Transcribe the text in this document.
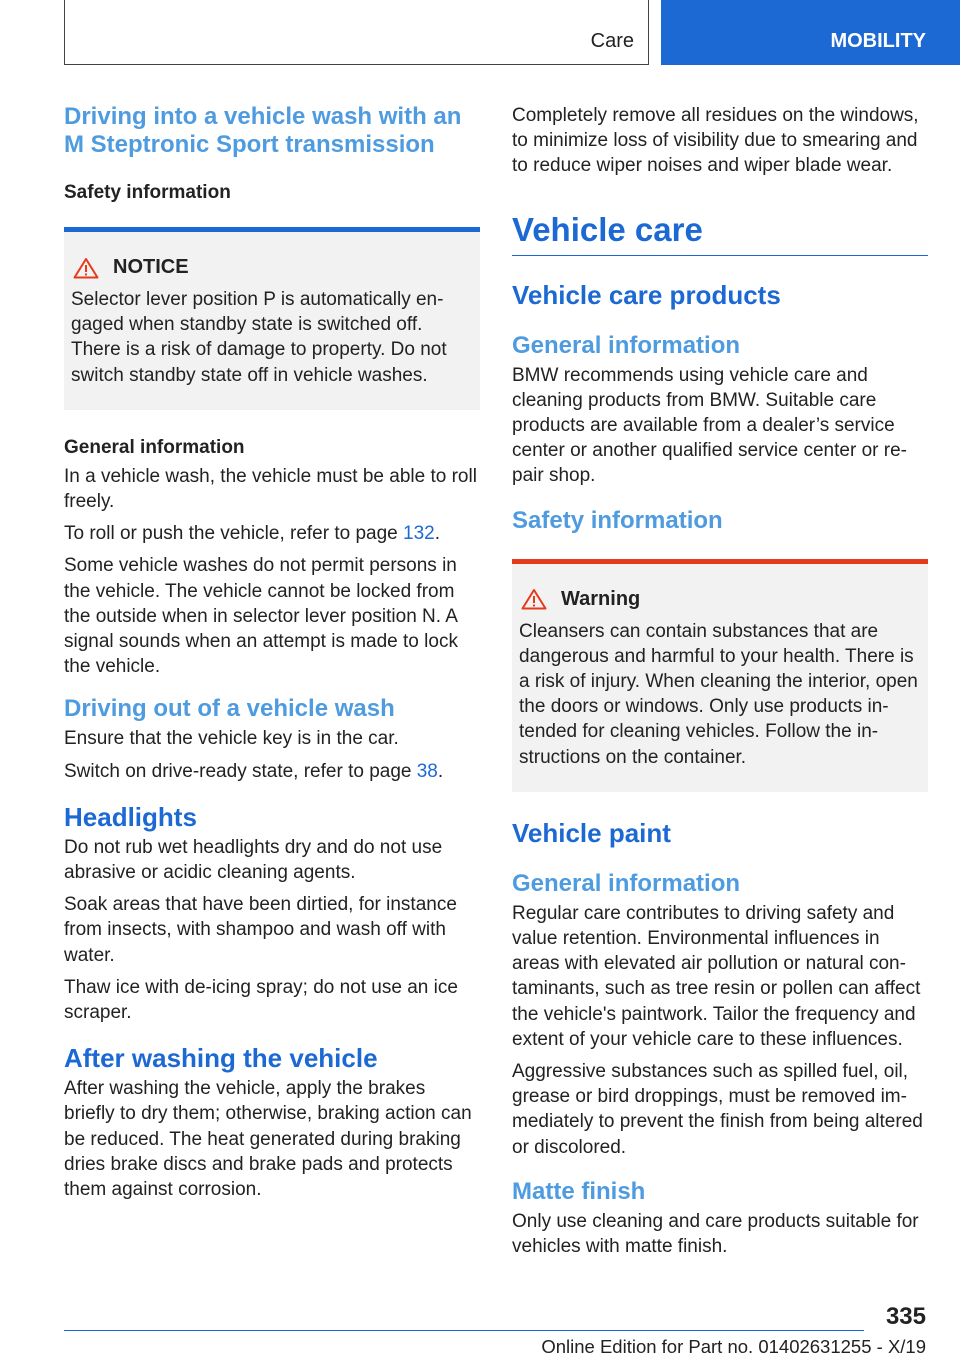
Care	MOBILITY
Driving into a vehicle wash with an M Steptronic Sport transmission
Safety information
NOTICE

Selector lever position P is automatically engaged when standby state is switched off. There is a risk of damage to property. Do not switch standby state off in vehicle washes.

General information

In a vehicle wash, the vehicle must be able to roll freely.

To roll or push the vehicle, refer to page 132.

Some vehicle washes do not permit persons in the vehicle. The vehicle cannot be locked from the outside when in selector lever position N. A signal sounds when an attempt is made to lock the vehicle.

Driving out of a vehicle wash

Ensure that the vehicle key is in the car.

Switch on drive-ready state, refer to page 38.

Headlights

Do not rub wet headlights dry and do not use abrasive or acidic cleaning agents.

Soak areas that have been dirtied, for instance from insects, with shampoo and wash off with water.

Thaw ice with de-icing spray; do not use an ice scraper.

After washing the vehicle

After washing the vehicle, apply the brakes briefly to dry them; otherwise, braking action can be reduced. The heat generated during braking dries brake discs and brake pads and protects them against corrosion.

Completely remove all residues on the windows, to minimize loss of visibility due to smearing and to reduce wiper noises and wiper blade wear.

Vehicle care
Vehicle care products
General information

BMW recommends using vehicle care and cleaning products from BMW. Suitable care products are available from a dealer’s service center or another qualified service center or repair shop.

Safety information
Warning

Cleansers can contain substances that are dangerous and harmful to your health. There is a risk of injury. When cleaning the interior, open the doors or windows. Only use products intended for cleaning vehicles. Follow the instructions on the container.

Vehicle paint
General information

Regular care contributes to driving safety and value retention. Environmental influences in areas with elevated air pollution or natural contaminants, such as tree resin or pollen can affect the vehicle's paintwork. Tailor the frequency and extent of your vehicle care to these influences.

Aggressive substances such as spilled fuel, oil, grease or bird droppings, must be removed immediately to prevent the finish from being altered or discolored.

Matte finish

Only use cleaning and care products suitable for vehicles with matte finish.

335
Online Edition for Part no. 01402631255 - X/19
